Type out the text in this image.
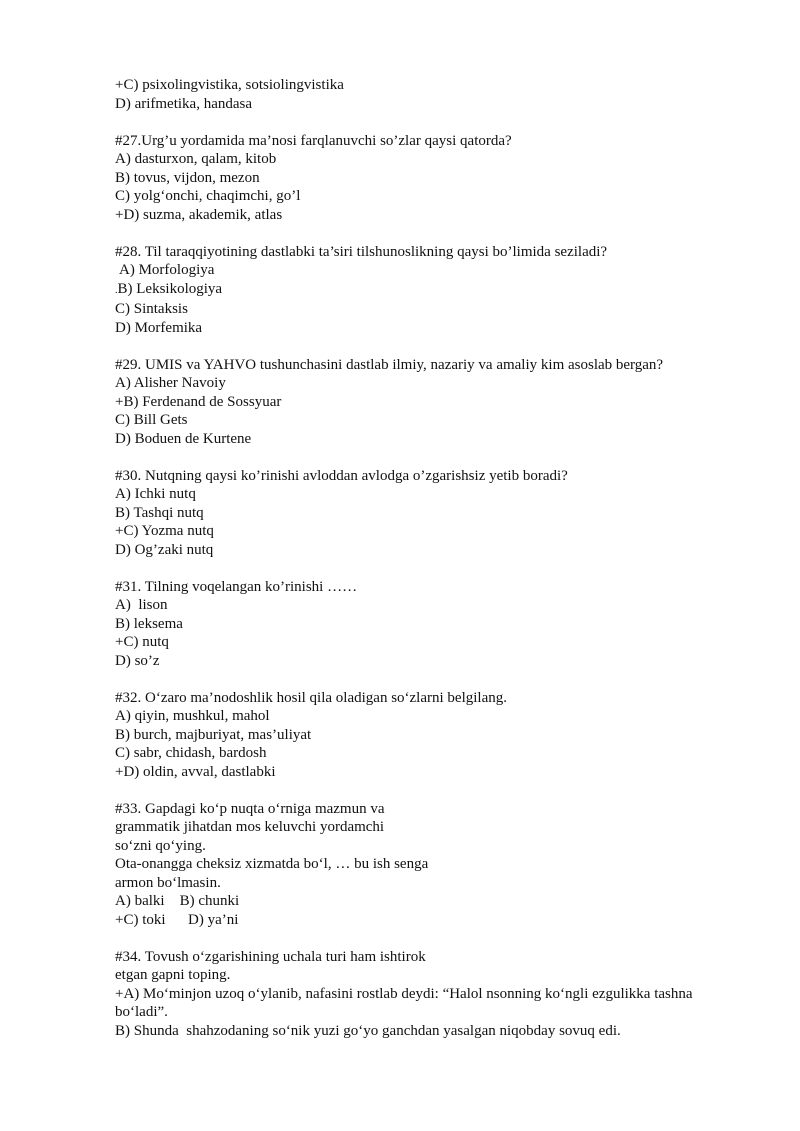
+C) psixolingvistika, sotsiolingvistika
D) arifmetika, handasa
#27.Urg’u yordamida ma’nosi farqlanuvchi so’zlar qaysi qatorda?
A) dasturxon, qalam, kitob
B) tovus, vijdon, mezon
C) yolg‘onchi, chaqimchi, go’l
+D) suzma, akademik, atlas
#28. Til taraqqiyotining dastlabki ta’siri tilshunoslikning qaysi bo’limida seziladi?
A) Morfologiya
.B) Leksikologiya
C) Sintaksis
D) Morfemika
#29. UMIS va YAHVO tushunchasini dastlab ilmiy, nazariy va amaliy kim asoslab bergan?
A) Alisher Navoiy
+B) Ferdenand de Sossyuar
C) Bill Gets
D) Boduen de Kurtene
#30. Nutqning qaysi ko’rinishi avloddan avlodga o’zgarishsiz yetib boradi?
A) Ichki nutq
B) Tashqi nutq
+C) Yozma nutq
D) Og’zaki nutq
#31. Tilning voqelangan ko’rinishi ……
A)  lison
B) leksema
+C) nutq
D) so’z
#32. O‘zaro ma’nodoshlik hosil qila oladigan so‘zlarni belgilang.
A) qiyin, mushkul, mahol
B) burch, majburiyat, mas’uliyat
C) sabr, chidash, bardosh
+D) oldin, avval, dastlabki
#33. Gapdagi ko‘p nuqta o‘rniga mazmun va
grammatik jihatdan mos keluvchi yordamchi
so‘zni qo‘ying.
Ota-onangga cheksiz xizmatda bo‘l, … bu ish senga
armon bo‘lmasin.
A) balki    B) chunki
+C) toki      D) ya’ni
#34. Tovush o‘zgarishining uchala turi ham ishtirok
etgan gapni toping.
+A) Mo‘minjon uzoq o‘ylanib, nafasini rostlab deydi: “Halol nsonning ko‘ngli ezgulikka tashna
bo‘ladi”.
B) Shunda  shahzodaning so‘nik yuzi go‘yo ganchdan yasalgan niqobday sovuq edi.
